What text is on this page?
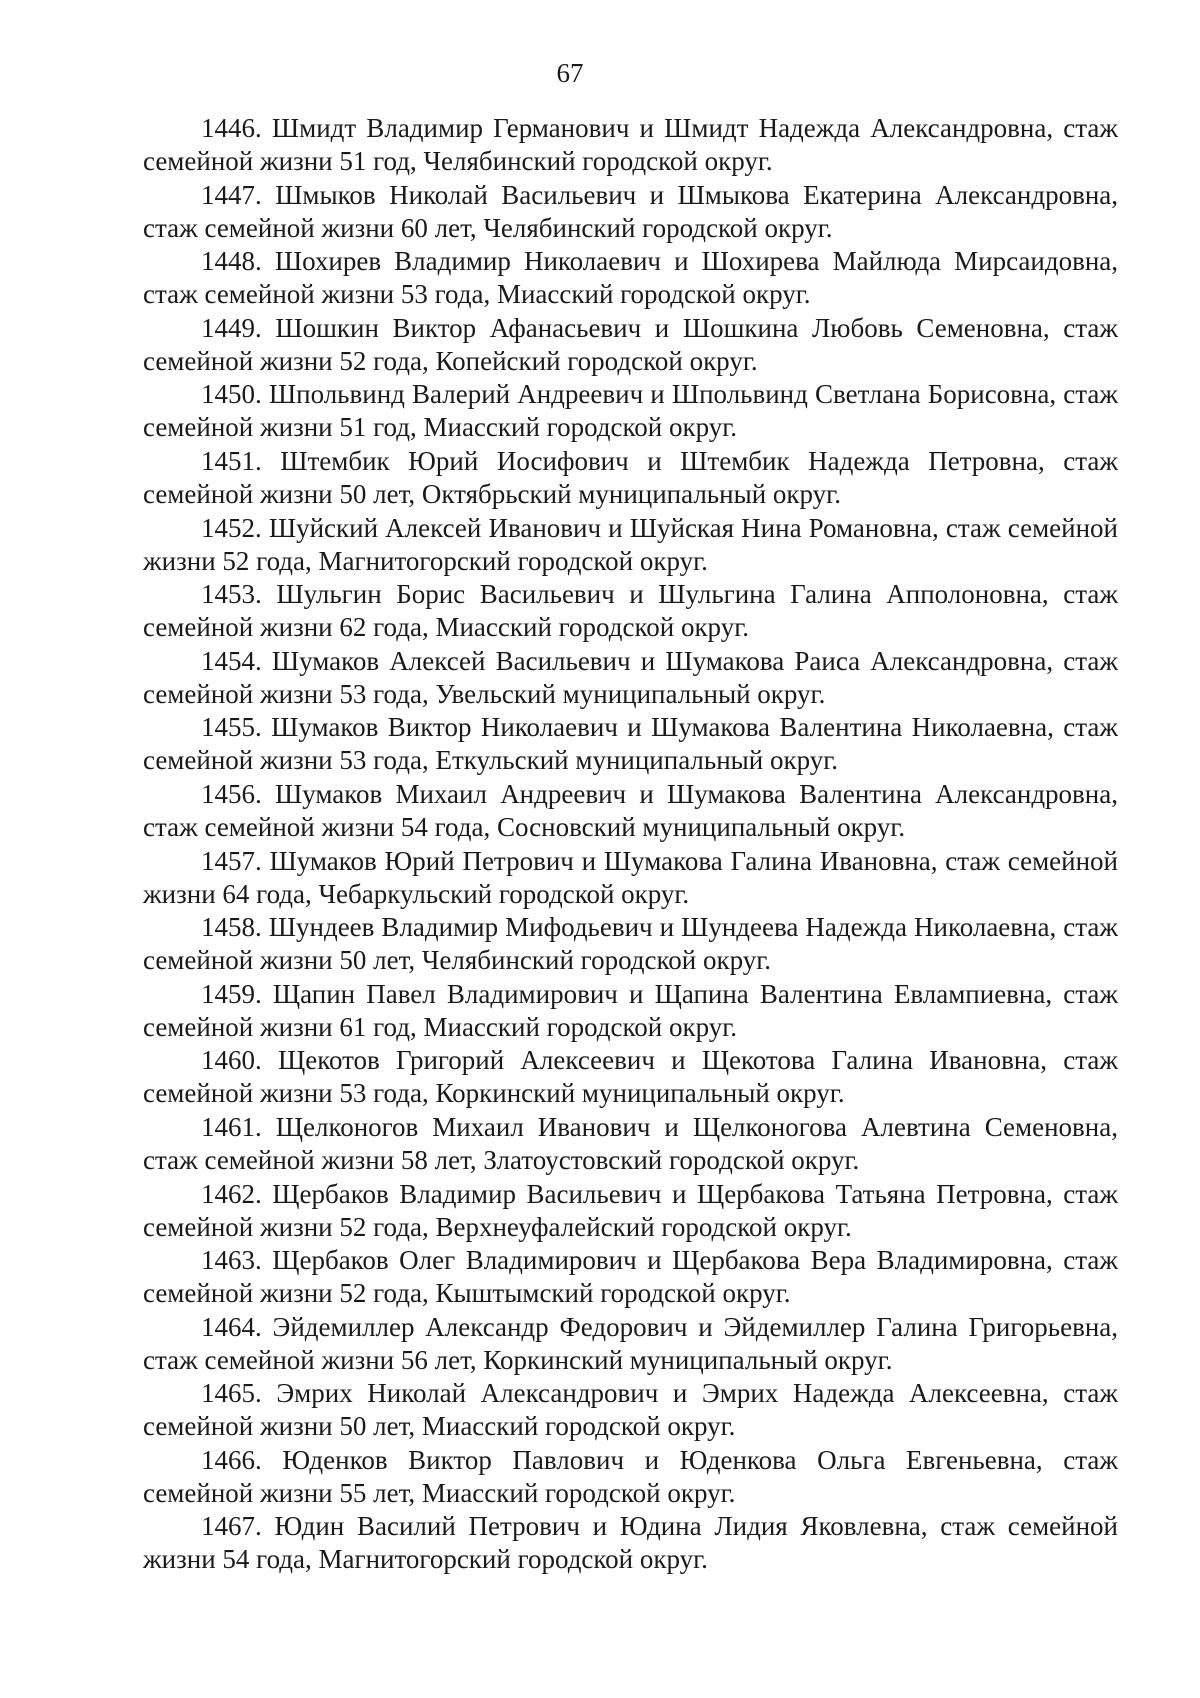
67
1446. Шмидт Владимир Германович и Шмидт Надежда Александровна, стаж семейной жизни 51 год, Челябинский городской округ.
1447. Шмыков Николай Васильевич и Шмыкова Екатерина Александровна, стаж семейной жизни 60 лет, Челябинский городской округ.
1448. Шохирев Владимир Николаевич и Шохирева Майлюда Мирсаидовна, стаж семейной жизни 53 года, Миасский городской округ.
1449. Шошкин Виктор Афанасьевич и Шошкина Любовь Семеновна, стаж семейной жизни 52 года, Копейский городской округ.
1450. Шпольвинд Валерий Андреевич и Шпольвинд Светлана Борисовна, стаж семейной жизни 51 год, Миасский городской округ.
1451. Штембик Юрий Иосифович и Штембик Надежда Петровна, стаж семейной жизни 50 лет, Октябрьский муниципальный округ.
1452. Шуйский Алексей Иванович и Шуйская Нина Романовна, стаж семейной жизни 52 года, Магнитогорский городской округ.
1453. Шульгин Борис Васильевич и Шульгина Галина Апполоновна, стаж семейной жизни 62 года, Миасский городской округ.
1454. Шумаков Алексей Васильевич и Шумакова Раиса Александровна, стаж семейной жизни 53 года, Увельский муниципальный округ.
1455. Шумаков Виктор Николаевич и Шумакова Валентина Николаевна, стаж семейной жизни 53 года, Еткульский муниципальный округ.
1456. Шумаков Михаил Андреевич и Шумакова Валентина Александровна, стаж семейной жизни 54 года, Сосновский муниципальный округ.
1457. Шумаков Юрий Петрович и Шумакова Галина Ивановна, стаж семейной жизни 64 года, Чебаркульский городской округ.
1458. Шундеев Владимир Мифодьевич и Шундеева Надежда Николаевна, стаж семейной жизни 50 лет, Челябинский городской округ.
1459. Щапин Павел Владимирович и Щапина Валентина Евлампиевна, стаж семейной жизни 61 год, Миасский городской округ.
1460. Щекотов Григорий Алексеевич и Щекотова Галина Ивановна, стаж семейной жизни 53 года, Коркинский муниципальный округ.
1461. Щелконогов Михаил Иванович и Щелконогова Алевтина Семеновна, стаж семейной жизни 58 лет, Златоустовский городской округ.
1462. Щербаков Владимир Васильевич и Щербакова Татьяна Петровна, стаж семейной жизни 52 года, Верхнеуфалейский городской округ.
1463. Щербаков Олег Владимирович и Щербакова Вера Владимировна, стаж семейной жизни 52 года, Кыштымский городской округ.
1464. Эйдемиллер Александр Федорович и Эйдемиллер Галина Григорьевна, стаж семейной жизни 56 лет, Коркинский муниципальный округ.
1465. Эмрих Николай Александрович и Эмрих Надежда Алексеевна, стаж семейной жизни 50 лет, Миасский городской округ.
1466. Юденков Виктор Павлович и Юденкова Ольга Евгеньевна, стаж семейной жизни 55 лет, Миасский городской округ.
1467. Юдин Василий Петрович и Юдина Лидия Яковлевна, стаж семейной жизни 54 года, Магнитогорский городской округ.
